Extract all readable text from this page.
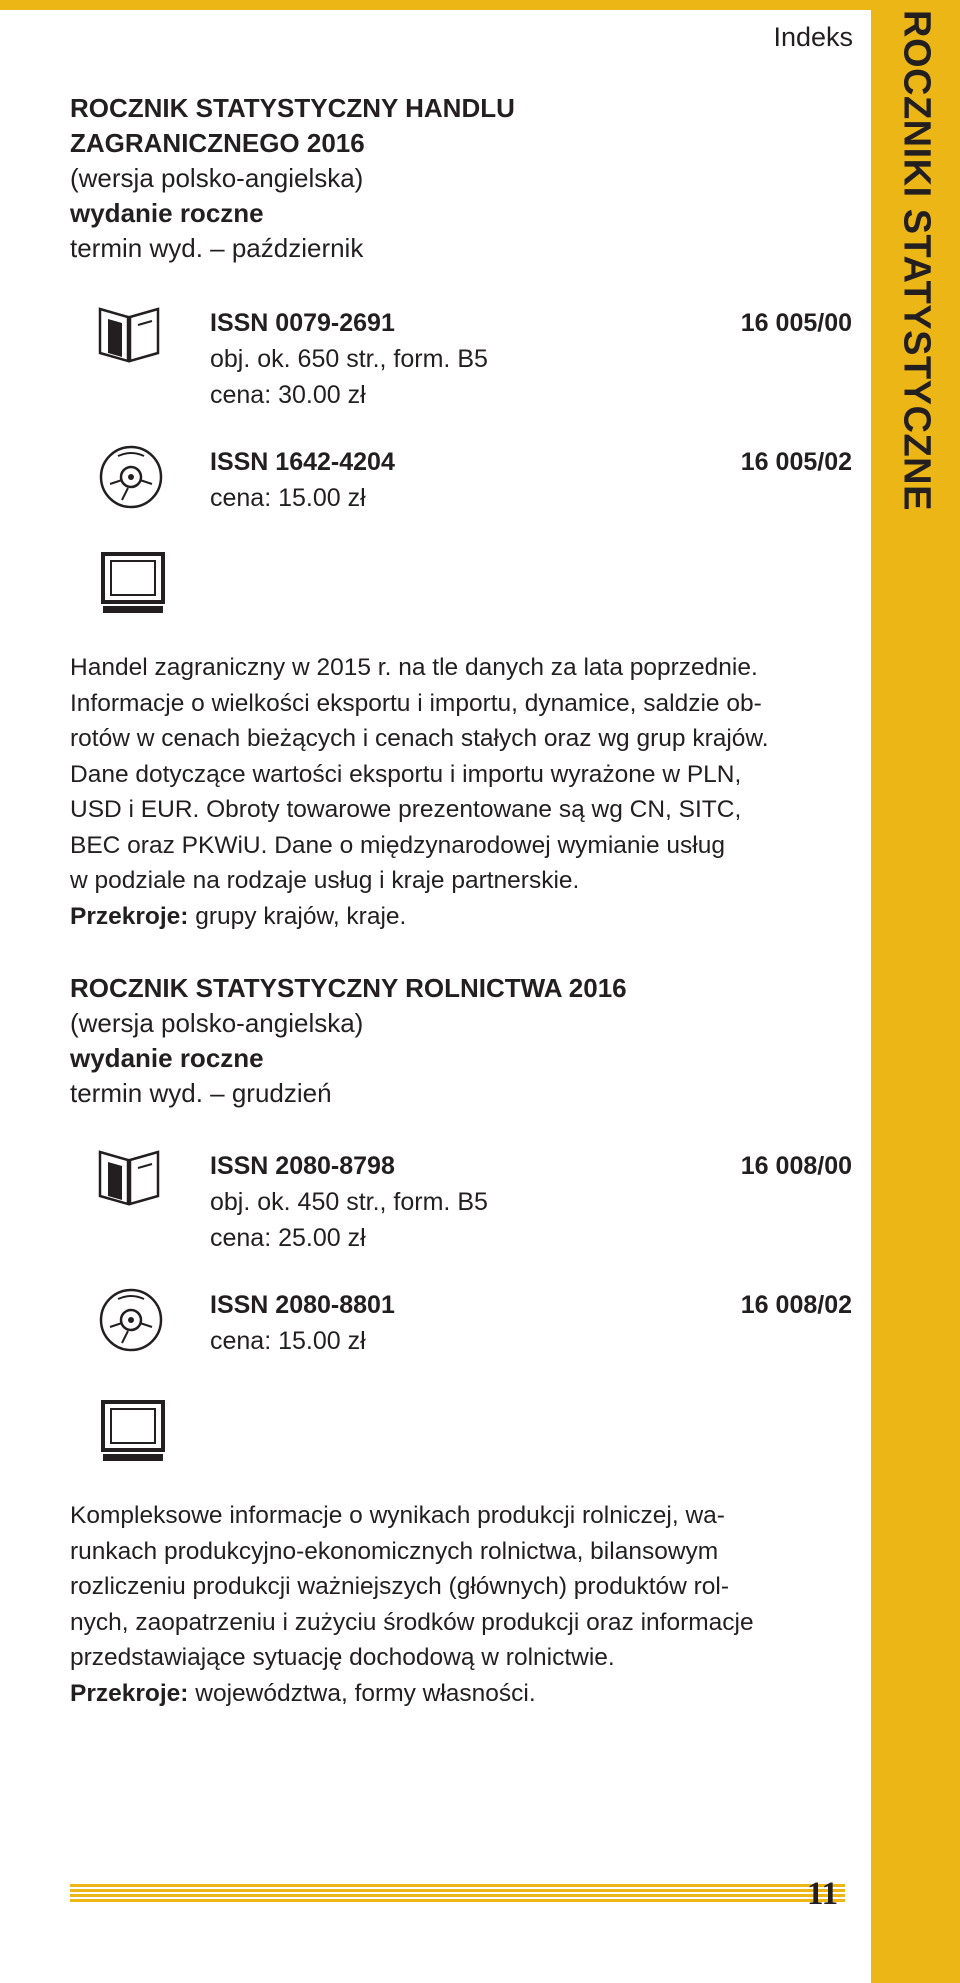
ROCZNIKI STATYSTYCZNE
Indeks
ROCZNIK STATYSTYCZNY HANDLU
ZAGRANICZNEGO 2016
(wersja polsko-angielska)
wydanie roczne
termin wyd. – październik
ISSN 0079-2691	16 005/00
obj. ok. 650 str., form. B5
cena: 30.00 zł
ISSN 1642-4204	16 005/02
cena: 15.00 zł

Handel zagraniczny w 2015 r. na tle danych za lata poprzednie.

Informacje o wielkości eksportu i importu, dynamice, saldzie ob-

rotów w cenach bieżących i cenach stałych oraz wg grup krajów.

Dane dotyczące wartości eksportu i importu wyrażone w PLN,

USD i EUR. Obroty towarowe prezentowane są wg CN, SITC,

BEC oraz PKWiU. Dane o międzynarodowej wymianie usług

w podziale na rodzaje usług i kraje partnerskie.

Przekroje: grupy krajów, kraje.

ROCZNIK STATYSTYCZNY ROLNICTWA 2016
(wersja polsko-angielska)
wydanie roczne
termin wyd. – grudzień
ISSN 2080-8798	16 008/00
obj. ok. 450 str., form. B5
cena: 25.00 zł
ISSN 2080-8801	16 008/02
cena: 15.00 zł

Kompleksowe informacje o wynikach produkcji rolniczej, wa-

runkach produkcyjno-ekonomicznych rolnictwa, bilansowym

rozliczeniu produkcji ważniejszych (głównych) produktów rol-

nych, zaopatrzeniu i zużyciu środków produkcji oraz informacje

przedstawiające sytuację dochodową w rolnictwie.

Przekroje: województwa, formy własności.

11
